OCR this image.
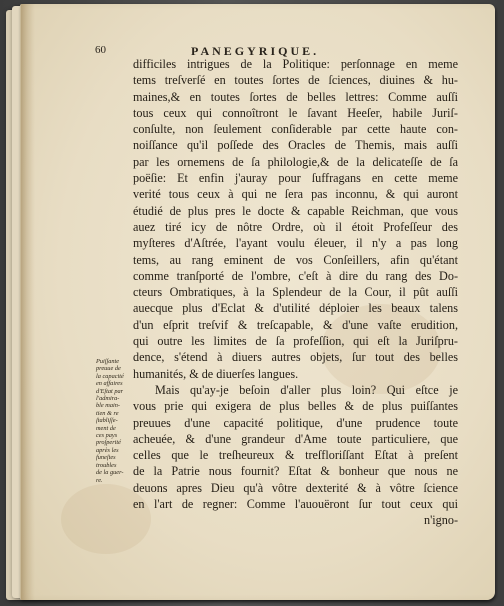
60	PANEGYRIQUE.
difficiles intrigues de la Politique: perſonnage en meme
tems treſverſé en toutes ſortes de ſciences, diuines & hu-
maines,& en toutes ſortes de belles lettres: Comme auſſi
tous ceux qui connoîtront le ſavant Heeſer, habile Juriſ-
conſulte, non ſeulement conſiderable par cette haute con-
noiſſance qu'il poſſede des Oracles de Themis, mais auſſi
par les ornemens de ſa philologie,& de la delicateſſe de ſa
poëſie: Et enfin j'auray pour ſuffragans en cette meme
verité tous ceux à qui ne ſera pas inconnu, & qui auront
étudié de plus pres le docte & capable Reichman, que vous
auez tiré icy de nôtre Ordre, où il étoit Profeſſeur des
myſteres d'Aſtrée, l'ayant voulu éleuer, il n'y a pas long
tems, au rang eminent de vos Conſeillers, afin qu'étant
comme tranſporté de l'ombre, c'eſt à dire du rang des Do-
cteurs Ombratiques, à la Splendeur de la Cour, il pût auſſi
auecque plus d'Eclat & d'utilité déploier les beaux talens
d'un eſprit treſvif & treſcapable, & d'une vaſte erudition,
qui outre les limites de ſa profeſſion, qui eſt la Juriſpru-
dence, s'étend à diuers autres objets, ſur tout des belles
humanités, & de diuerſes langues.
Mais qu'ay-je beſoin d'aller plus loin? Qui eſtce je
vous prie qui exigera de plus belles & de plus puiſſantes
preuues d'une capacité politique, d'une prudence toute
acheuée, & d'une grandeur d'Ame toute particuliere, que
celles que le treſheureux & treſfloriſſant Eſtat à preſent
de la Patrie nous fournit? Eſtat & bonheur que nous ne
deuons apres Dieu qu'à vôtre dexterité & à vôtre ſcience
en l'art de regner: Comme l'auouëront ſur tout ceux qui
n'igno-
Puiſſante
preuue de
la capacité
en affaires
d'Eſtat par
l'admira-
ble main-
tien & re
ſtabliſſe-
ment de
ces pays
proſperité
après les
funeſtes
troubles
de la guer-
re.
